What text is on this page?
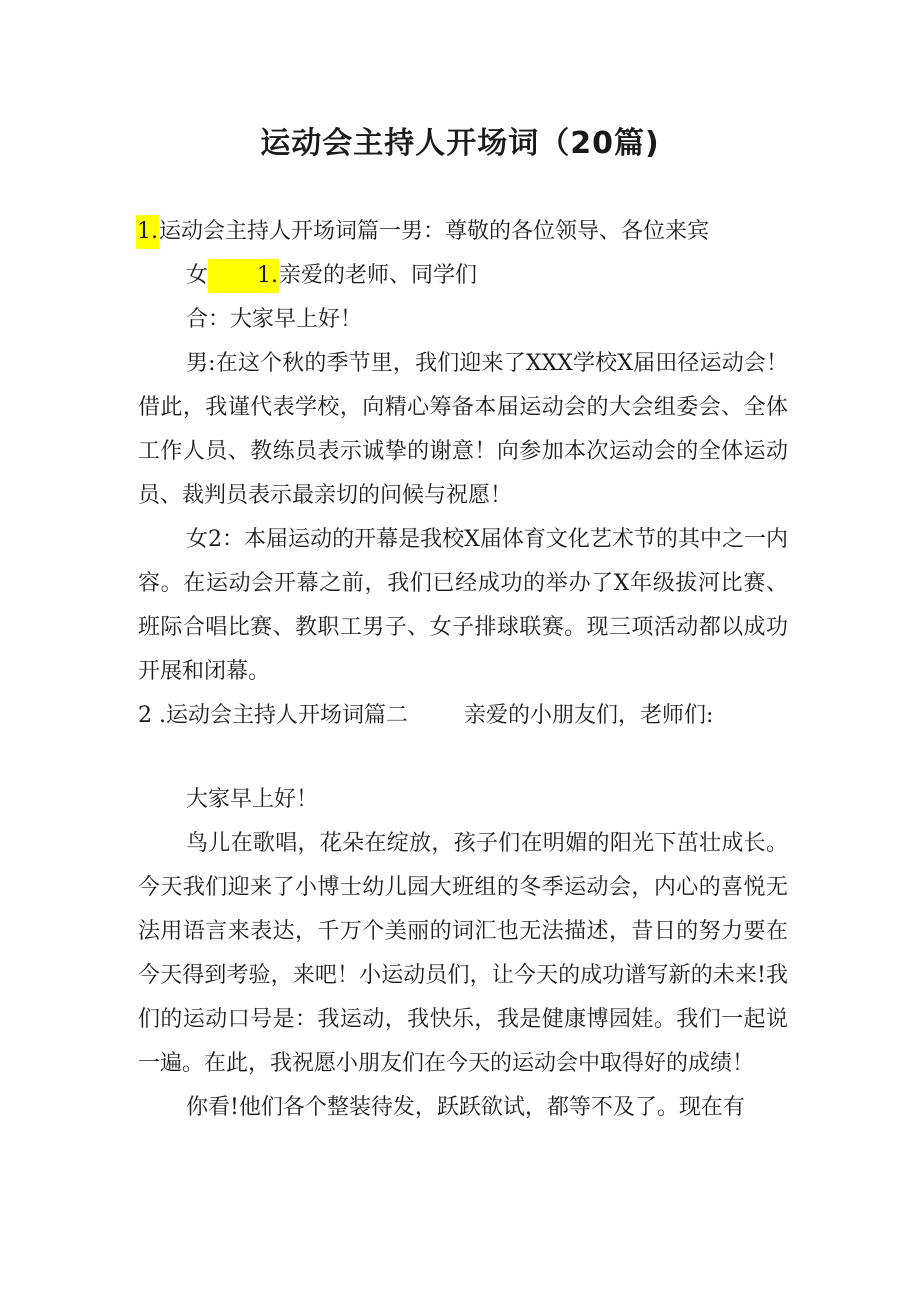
运动会主持人开场词（20篇)

1.运动会主持人开场词篇一男：尊敬的各位领导、各位来宾

女 1.亲爱的老师、同学们

合：大家早上好！

男:在这个秋的季节里，我们迎来了XXX学校X届田径运动会！借此，我谨代表学校，向精心筹备本届运动会的大会组委会、全体工作人员、教练员表示诚挚的谢意！向参加本次运动会的全体运动员、裁判员表示最亲切的问候与祝愿！

女2：本届运动的开幕是我校X届体育文化艺术节的其中之一内容。在运动会开幕之前，我们已经成功的举办了X年级拔河比赛、班际合唱比赛、教职工男子、女子排球联赛。现三项活动都以成功开展和闭幕。

2 .运动会主持人开场词篇二	亲爱的小朋友们，老师们:

大家早上好！

鸟儿在歌唱，花朵在绽放，孩子们在明媚的阳光下茁壮成长。今天我们迎来了小博士幼儿园大班组的冬季运动会，内心的喜悦无法用语言来表达，千万个美丽的词汇也无法描述，昔日的努力要在今天得到考验，来吧！小运动员们，让今天的成功谱写新的未来!我们的运动口号是：我运动，我快乐，我是健康博园娃。我们一起说一遍。在此，我祝愿小朋友们在今天的运动会中取得好的成绩！

你看!他们各个整装待发，跃跃欲试，都等不及了。现在有
